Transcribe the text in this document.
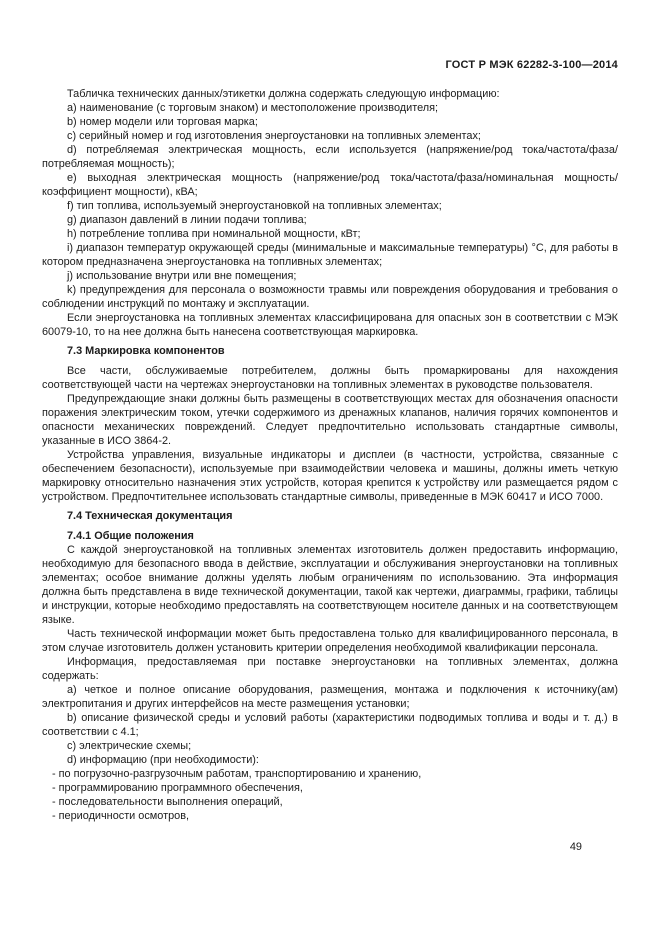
ГОСТ Р МЭК 62282-3-100—2014
Табличка технических данных/этикетки должна содержать следующую информацию:
a) наименование (с торговым знаком) и местоположение производителя;
b) номер модели или торговая марка;
c) серийный номер и год изготовления энергоустановки на топливных элементах;
d) потребляемая электрическая мощность, если используется (напряжение/род тока/частота/фаза/потребляемая мощность);
e) выходная электрическая мощность (напряжение/род тока/частота/фаза/номинальная мощность/коэффициент мощности), кВА;
f) тип топлива, используемый энергоустановкой на топливных элементах;
g) диапазон давлений в линии подачи топлива;
h) потребление топлива при номинальной мощности, кВт;
i) диапазон температур окружающей среды (минимальные и максимальные температуры) °С, для работы в котором предназначена энергоустановка на топливных элементах;
j) использование внутри или вне помещения;
k) предупреждения для персонала о возможности травмы или повреждения оборудования и требования о соблюдении инструкций по монтажу и эксплуатации.
Если энергоустановка на топливных элементах классифицирована для опасных зон в соответствии с МЭК 60079-10, то на нее должна быть нанесена соответствующая маркировка.
7.3 Маркировка компонентов
Все части, обслуживаемые потребителем, должны быть промаркированы для нахождения соответствующей части на чертежах энергоустановки на топливных элементах в руководстве пользователя.
Предупреждающие знаки должны быть размещены в соответствующих местах для обозначения опасности поражения электрическим током, утечки содержимого из дренажных клапанов, наличия горячих компонентов и опасности механических повреждений. Следует предпочтительно использовать стандартные символы, указанные в ИСО 3864-2.
Устройства управления, визуальные индикаторы и дисплеи (в частности, устройства, связанные с обеспечением безопасности), используемые при взаимодействии человека и машины, должны иметь четкую маркировку относительно назначения этих устройств, которая крепится к устройству или размещается рядом с устройством. Предпочтительнее использовать стандартные символы, приведенные в МЭК 60417 и ИСО 7000.
7.4 Техническая документация
7.4.1 Общие положения
С каждой энергоустановкой на топливных элементах изготовитель должен предоставить информацию, необходимую для безопасного ввода в действие, эксплуатации и обслуживания энергоустановки на топливных элементах; особое внимание должны уделять любым ограничениям по использованию. Эта информация должна быть представлена в виде технической документации, такой как чертежи, диаграммы, графики, таблицы и инструкции, которые необходимо предоставлять на соответствующем носителе данных и на соответствующем языке.
Часть технической информации может быть предоставлена только для квалифицированного персонала, в этом случае изготовитель должен установить критерии определения необходимой квалификации персонала.
Информация, предоставляемая при поставке энергоустановки на топливных элементах, должна содержать:
a) четкое и полное описание оборудования, размещения, монтажа и подключения к источнику(ам) электропитания и других интерфейсов на месте размещения установки;
b) описание физической среды и условий работы (характеристики подводимых топлива и воды и т. д.) в соответствии с 4.1;
c) электрические схемы;
d) информацию (при необходимости):
- по погрузочно-разгрузочным работам, транспортированию и хранению,
- программированию программного обеспечения,
- последовательности выполнения операций,
- периодичности осмотров,
49
